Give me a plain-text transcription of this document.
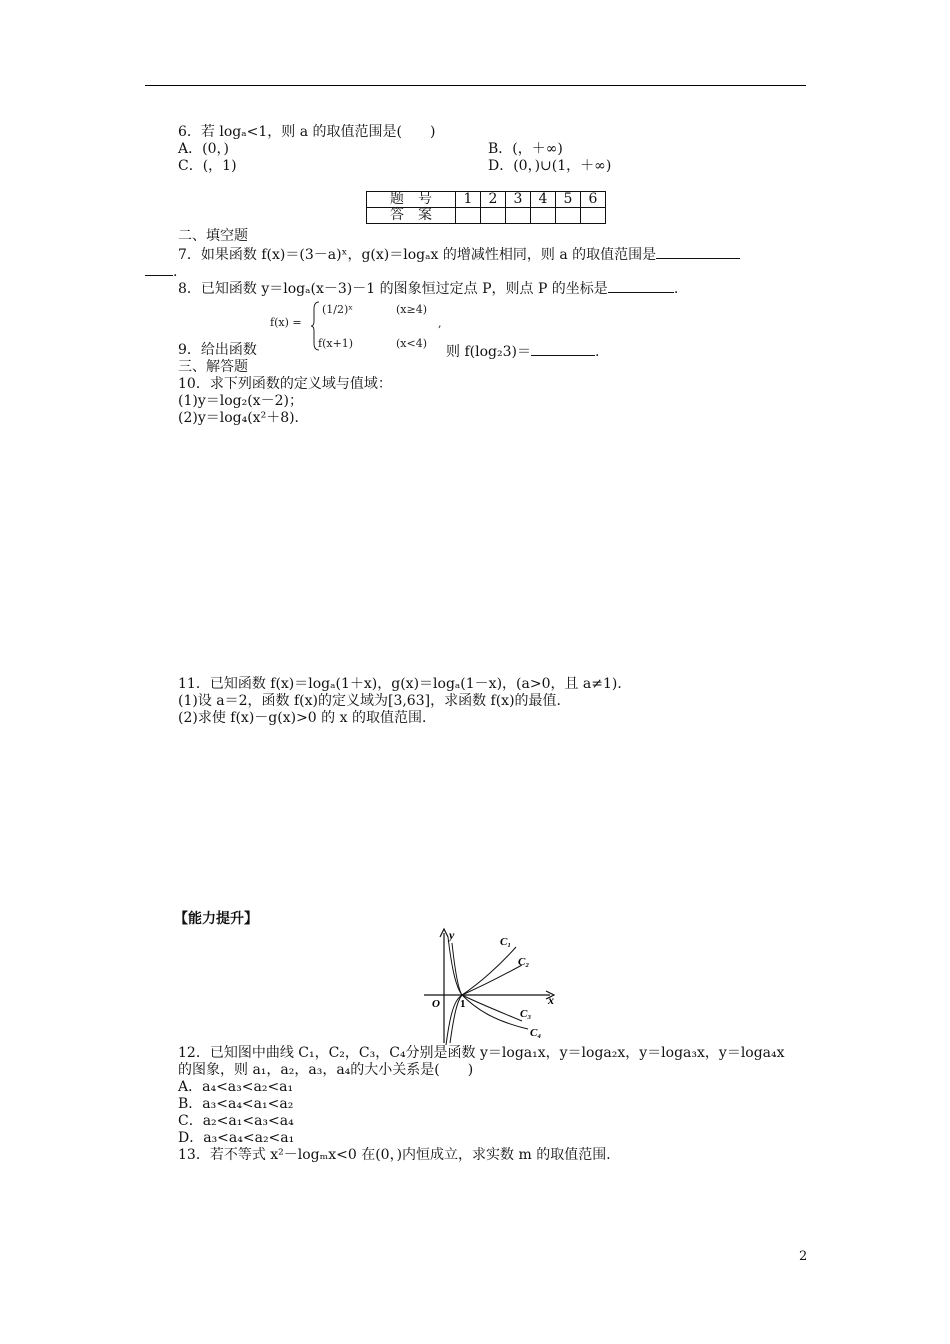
6．若 logₐ<1，则 a 的取值范围是(　　)
A．(0，)	B．(，＋∞)
C．(，1)	D．(0，)∪(1，＋∞)
题　号	1	2	3	4	5	6
答　案						
二、填空题
7．如果函数 f(x)＝(3－a)ˣ，g(x)＝logₐx 的增减性相同，则 a 的取值范围是
.
8．已知函数 y＝logₐ(x－3)－1 的图象恒过定点 P，则点 P 的坐标是	.
f(x) =
(1/2)ˣ	(x≥4)
,
f(x+1)	(x<4)
9．给出函数	则 f(log₂3)＝	.
三、解答题
10．求下列函数的定义域与值域：
(1)y＝log₂(x－2)；
(2)y＝log₄(x²＋8)．
11．已知函数 f(x)＝logₐ(1＋x)，g(x)＝logₐ(1－x)，(a>0，且 a≠1)．
(1)设 a＝2，函数 f(x)的定义域为[3,63]，求函数 f(x)的最值．
(2)求使 f(x)－g(x)>0 的 x 的取值范围．
【能力提升】
y
x
O 1
C₁
C₂
C₃
C₄
12．已知图中曲线 C₁，C₂，C₃，C₄分别是函数 y＝loga₁x，y＝loga₂x，y＝loga₃x，y＝loga₄x
的图象，则 a₁，a₂，a₃，a₄的大小关系是(　　)
A．a₄<a₃<a₂<a₁
B．a₃<a₄<a₁<a₂
C．a₂<a₁<a₃<a₄
D．a₃<a₄<a₂<a₁
13．若不等式 x²－logₘx<0 在(0，)内恒成立，求实数 m 的取值范围．
2
